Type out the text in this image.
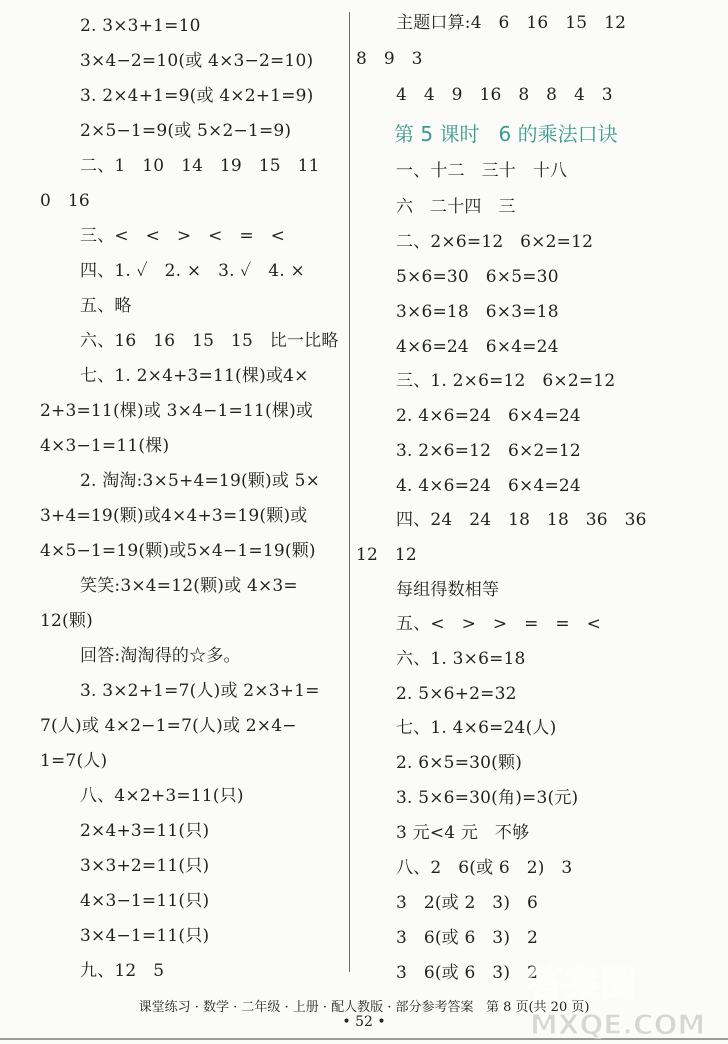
2. 3×3+1=10
3×4−2=10(或 4×3−2=10)
3. 2×4+1=9(或 4×2+1=9)
2×5−1=9(或 5×2−1=9)
二、1   10   14   19   15   11
0   16
三、<   <   >   <   =   <
四、1. ✓   2. ×   3. ✓   4. ×
五、略
六、16   16   15   15   比一比略
七、1. 2×4+3=11(棵)或4×
2+3=11(棵)或 3×4−1=11(棵)或
4×3−1=11(棵)
2. 淘淘:3×5+4=19(颗)或 5×
3+4=19(颗)或4×4+3=19(颗)或
4×5−1=19(颗)或5×4−1=19(颗)
笑笑:3×4=12(颗)或 4×3=
12(颗)
回答:淘淘得的☆多。
3. 3×2+1=7(人)或 2×3+1=
7(人)或 4×2−1=7(人)或 2×4−
1=7(人)
八、4×2+3=11(只)
2×4+3=11(只)
3×3+2=11(只)
4×3−1=11(只)
3×4−1=11(只)
九、12   5
主题口算:4   6   16   15   12
8   9   3
4   4   9   16   8   8   4   3
一、十二   三十   十八
六   二十四   三
二、2×6=12   6×2=12
5×6=30   6×5=30
3×6=18   6×3=18
4×6=24   6×4=24
三、1. 2×6=12   6×2=12
2. 4×6=24   6×4=24
3. 2×6=12   6×2=12
4. 4×6=24   6×4=24
四、24   24   18   18   36   36
12   12
每组得数相等
五、<   >   >   =   =   <
六、1. 3×6=18
2. 5×6+2=32
七、1. 4×6=24(人)
2. 6×5=30(颗)
3. 5×6=30(角)=3(元)
3 元<4 元   不够
八、2   6(或 6   2)   3
3   2(或 2   3)   6
3   6(或 6   3)   2
3   6(或 6   3)   2
第 5 课时   6 的乘法口诀
课堂练习 · 数学 · 二年级 · 上册 · 配人教版 · 部分参考答案   第 8 页(共 20 页)
• 52 •
答案圈
MXQE.COM
